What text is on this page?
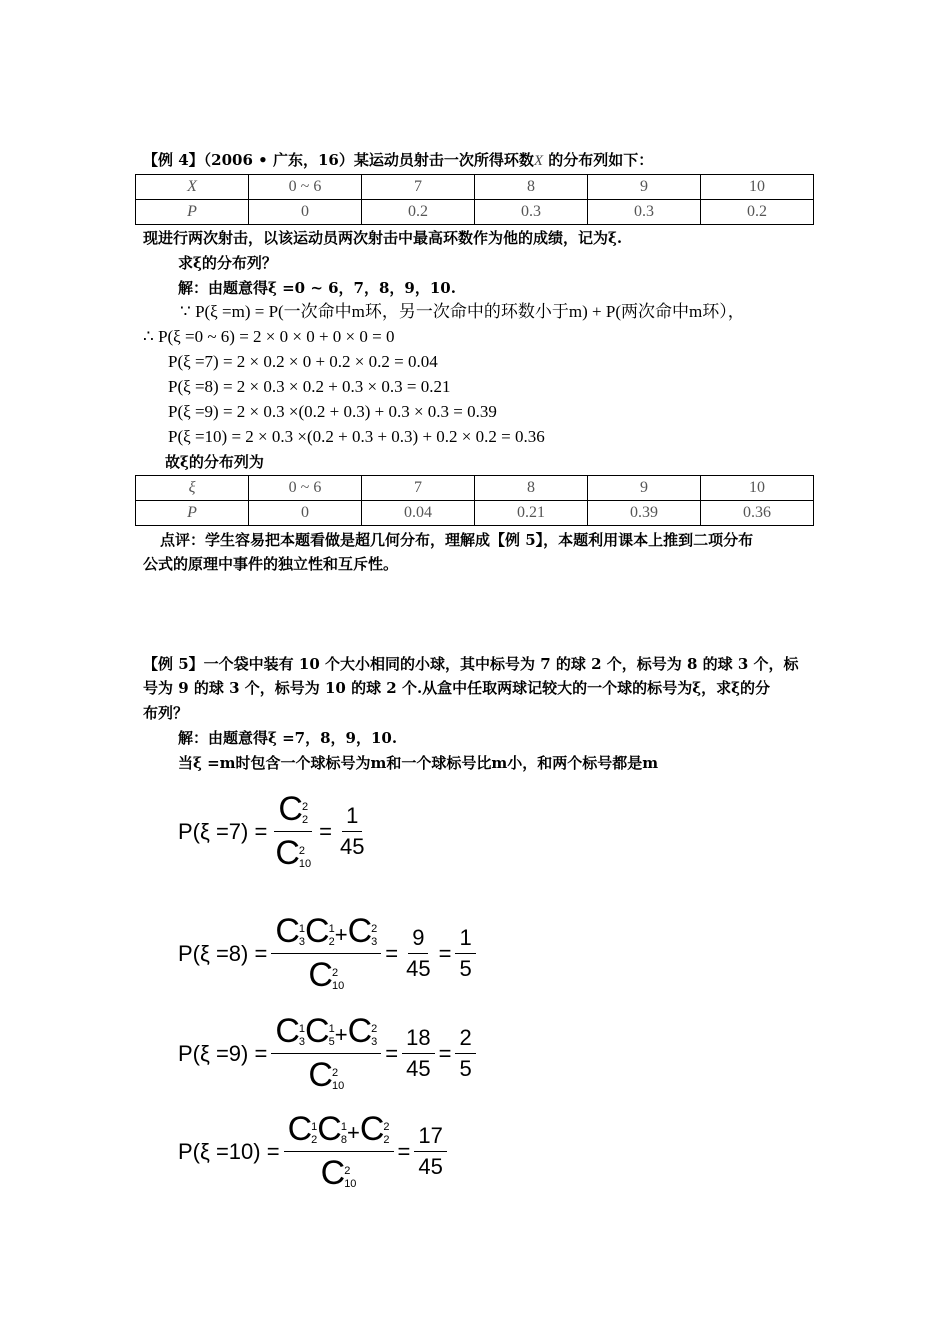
【例 4】（2006 • 广东，16）某运动员射击一次所得环数X 的分布列如下：
X	0 ~ 6	7	8	9	10
P	0	0.2	0.3	0.3	0.2
现进行两次射击，以该运动员两次射击中最高环数作为他的成绩，记为ξ.
求ξ的分布列？
解：由题意得ξ =0 ~ 6，7，8，9，10.
∵ P(ξ =m) = P(一次命中m环，另一次命中的环数小于m) + P(两次命中m环），
∴ P(ξ =0 ~ 6) = 2 × 0 × 0 + 0 × 0 = 0
P(ξ =7) = 2 × 0.2 × 0 + 0.2 × 0.2 = 0.04
P(ξ =8) = 2 × 0.3 × 0.2 + 0.3 × 0.3 = 0.21
P(ξ =9) = 2 × 0.3 ×(0.2 + 0.3) + 0.3 × 0.3 = 0.39
P(ξ =10) = 2 × 0.3 ×(0.2 + 0.3 + 0.3) + 0.2 × 0.2 = 0.36
故ξ的分布列为
ξ	0 ~ 6	7	8	9	10
P	0	0.04	0.21	0.39	0.36
点评：学生容易把本题看做是超几何分布，理解成【例 5】，本题利用课本上推到二项分布
公式的原理中事件的独立性和互斥性。
【例 5】一个袋中装有 10 个大小相同的小球，其中标号为 7 的球 2 个，标号为 8 的球 3 个，标
号为 9 的球 3 个，标号为 10 的球 2 个.从盒中任取两球记较大的一个球的标号为ξ，求ξ的分
布列？
解：由题意得ξ =7，8，9，10.
当ξ =m时包含一个球标号为m和一个球标号比m小，和两个标号都是m
P(ξ =7) = C 2
2
C 2
$10 = \frac{1}{45}$
P(ξ =8) = C 1
3 C 1
2 +C 2
3
C 2
$10 = \frac{9}{45} = \frac{1}{5}$
P(ξ =9) = C 1
3 C 1
5 +C 2
3
C 2
$10 = \frac{18}{45} = \frac{2}{5}$
P(ξ =10) = C 1
2 C 1
8 +C 2
2
C 2
$10 = \frac{17}{45}$
